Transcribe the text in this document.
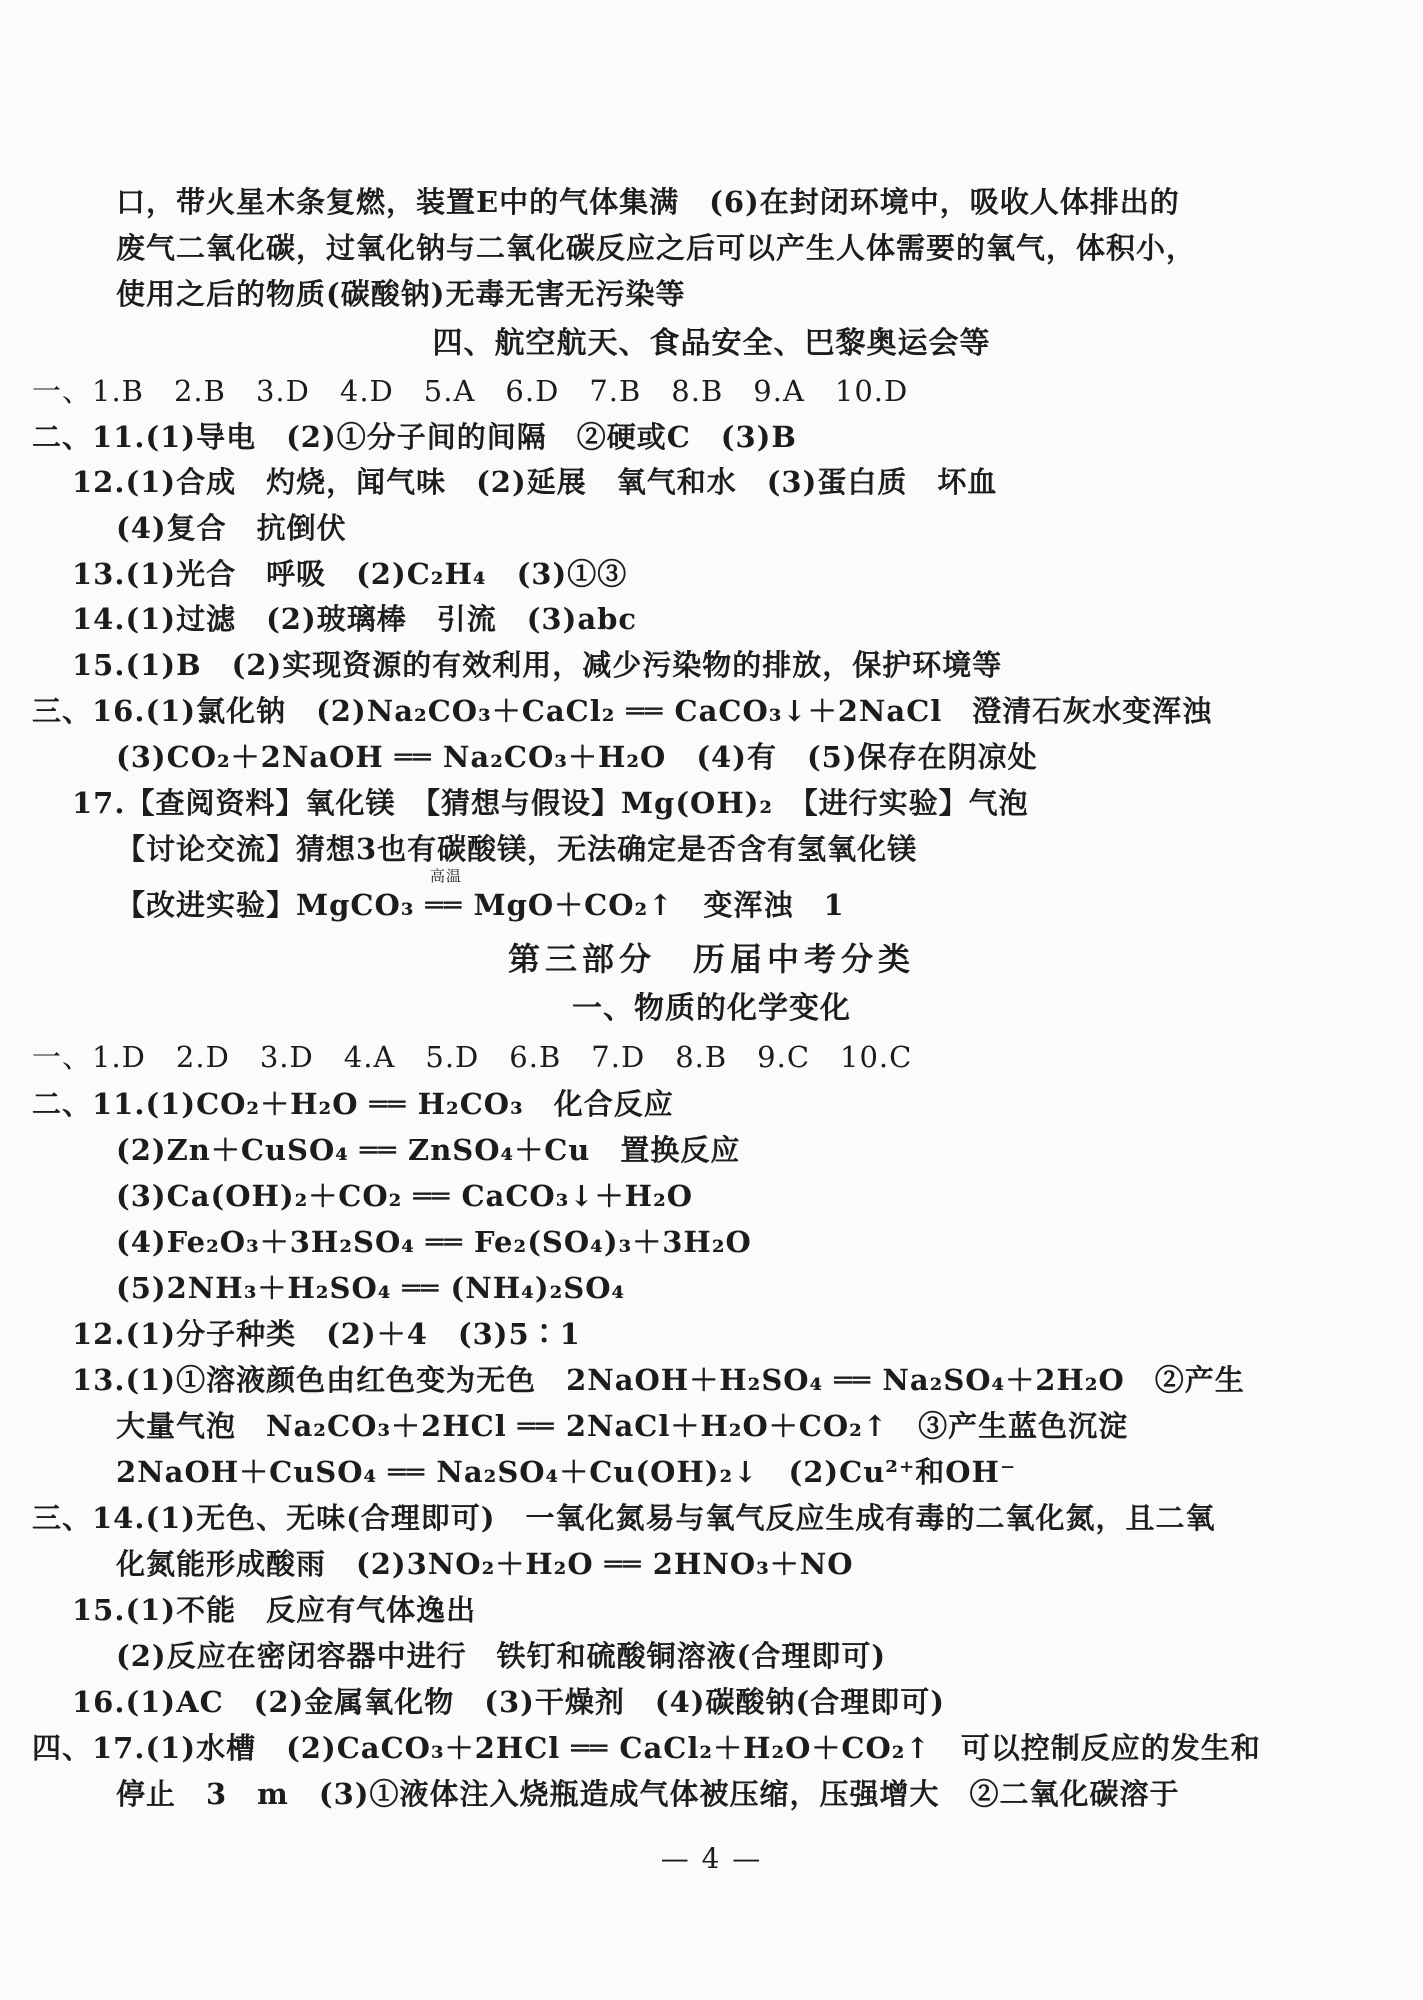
口，带火星木条复燃，装置E中的气体集满　(6)在封闭环境中，吸收人体排出的
废气二氧化碳，过氧化钠与二氧化碳反应之后可以产生人体需要的氧气，体积小，
使用之后的物质(碳酸钠)无毒无害无污染等
四、航空航天、食品安全、巴黎奥运会等
一、1.B　2.B　3.D　4.D　5.A　6.D　7.B　8.B　9.A　10.D
二、11.(1)导电　(2)①分子间的间隔　②硬或C　(3)B
12.(1)合成　灼烧，闻气味　(2)延展　氧气和水　(3)蛋白质　坏血
(4)复合　抗倒伏
13.(1)光合　呼吸　(2)C₂H₄　(3)①③
14.(1)过滤　(2)玻璃棒　引流　(3)abc
15.(1)B　(2)实现资源的有效利用，减少污染物的排放，保护环境等
三、16.(1)氯化钠　(2)Na₂CO₃＋CaCl₂ ══ CaCO₃↓＋2NaCl　澄清石灰水变浑浊
(3)CO₂＋2NaOH ══ Na₂CO₃＋H₂O　(4)有　(5)保存在阴凉处
17.【查阅资料】氧化镁　【猜想与假设】Mg(OH)₂　【进行实验】气泡
【讨论交流】猜想3也有碳酸镁，无法确定是否含有氢氧化镁
【改进实验】MgCO₃ ══ MgO＋CO₂↑　变浑浊　1
高温
第三部分　历届中考分类
一、物质的化学变化
一、1.D　2.D　3.D　4.A　5.D　6.B　7.D　8.B　9.C　10.C
二、11.(1)CO₂＋H₂O ══ H₂CO₃　化合反应
(2)Zn＋CuSO₄ ══ ZnSO₄＋Cu　置换反应
(3)Ca(OH)₂＋CO₂ ══ CaCO₃↓＋H₂O
(4)Fe₂O₃＋3H₂SO₄ ══ Fe₂(SO₄)₃＋3H₂O
(5)2NH₃＋H₂SO₄ ══ (NH₄)₂SO₄
12.(1)分子种类　(2)＋4　(3)5∶1
13.(1)①溶液颜色由红色变为无色　2NaOH＋H₂SO₄ ══ Na₂SO₄＋2H₂O　②产生
大量气泡　Na₂CO₃＋2HCl ══ 2NaCl＋H₂O＋CO₂↑　③产生蓝色沉淀
2NaOH＋CuSO₄ ══ Na₂SO₄＋Cu(OH)₂↓　(2)Cu²⁺和OH⁻
三、14.(1)无色、无味(合理即可)　一氧化氮易与氧气反应生成有毒的二氧化氮，且二氧
化氮能形成酸雨　(2)3NO₂＋H₂O ══ 2HNO₃＋NO
15.(1)不能　反应有气体逸出
(2)反应在密闭容器中进行　铁钉和硫酸铜溶液(合理即可)
16.(1)AC　(2)金属氧化物　(3)干燥剂　(4)碳酸钠(合理即可)
四、17.(1)水槽　(2)CaCO₃＋2HCl ══ CaCl₂＋H₂O＋CO₂↑　可以控制反应的发生和
停止　3　m　(3)①液体注入烧瓶造成气体被压缩，压强增大　②二氧化碳溶于
— 4 —
